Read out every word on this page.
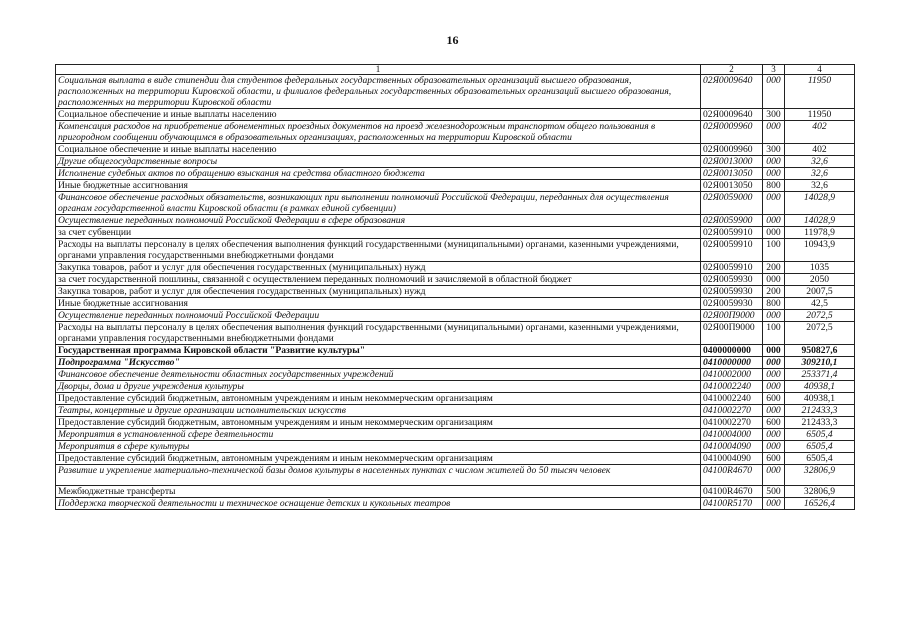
16
1	2	3	4
Социальная выплата в виде стипендии для студентов федеральных государственных образовательных организаций высшего образования, расположенных на территории Кировской области, и филиалов федеральных государственных образовательных организаций высшего образования, расположенных на территории Кировской области	02Я0009640	000	11950
Социальное обеспечение и иные выплаты населению	02Я0009640	300	11950
Компенсация расходов на приобретение абонементных проездных документов на проезд железнодорожным транспортом общего пользования в пригородном сообщении обучающимся в образовательных организациях, расположенных на территории Кировской области	02Я0009960	000	402
Социальное обеспечение и иные выплаты населению	02Я0009960	300	402
Другие общегосударственные вопросы	02Я0013000	000	32,6
Исполнение судебных актов по обращению взыскания на средства областного бюджета	02Я0013050	000	32,6
Иные бюджетные ассигнования	02Я0013050	800	32,6
Финансовое обеспечение расходных обязательств, возникающих при выполнении полномочий Российской Федерации, переданных для осуществления органам государственной власти Кировской области (в рамках единой субвенции)	02Я0059000	000	14028,9
Осуществление переданных полномочий Российской Федерации в сфере образования	02Я0059900	000	14028,9
за счет субвенции	02Я0059910	000	11978,9
Расходы на выплаты персоналу в целях обеспечения выполнения функций государственными (муниципальными) органами, казенными учреждениями, органами управления государственными внебюджетными фондами	02Я0059910	100	10943,9
Закупка товаров, работ и услуг для обеспечения государственных (муниципальных) нужд	02Я0059910	200	1035
за счет государственной пошлины, связанной с осуществлением переданных полномочий и зачисляемой в областной бюджет	02Я0059930	000	2050
Закупка товаров, работ и услуг для обеспечения государственных (муниципальных) нужд	02Я0059930	200	2007,5
Иные бюджетные ассигнования	02Я0059930	800	42,5
Осуществление переданных полномочий Российской Федерации	02Я00П9000	000	2072,5
Расходы на выплаты персоналу в целях обеспечения выполнения функций государственными (муниципальными) органами, казенными учреждениями, органами управления государственными внебюджетными фондами	02Я00П9000	100	2072,5
Государственная программа Кировской области "Развитие культуры"	0400000000	000	950827,6
Подпрограмма "Искусство"	0410000000	000	309210,1
Финансовое обеспечение деятельности областных государственных учреждений	0410002000	000	253371,4
Дворцы, дома и другие учреждения культуры	0410002240	000	40938,1
Предоставление субсидий бюджетным, автономным учреждениям и иным некоммерческим организациям	0410002240	600	40938,1
Театры, концертные и другие организации исполнительских искусств	0410002270	000	212433,3
Предоставление субсидий бюджетным, автономным учреждениям и иным некоммерческим организациям	0410002270	600	212433,3
Мероприятия в установленной сфере деятельности	0410004000	000	6505,4
Мероприятия в сфере культуры	0410004090	000	6505,4
Предоставление субсидий бюджетным, автономным учреждениям и иным некоммерческим организациям	0410004090	600	6505,4
Развитие и укрепление материально-технической базы домов культуры в населенных пунктах с числом жителей до 50 тысяч человек	04100R4670	000	32806,9
Межбюджетные трансферты	04100R4670	500	32806,9
Поддержка творческой деятельности и техническое оснащение детских и кукольных театров	04100R5170	000	16526,4
